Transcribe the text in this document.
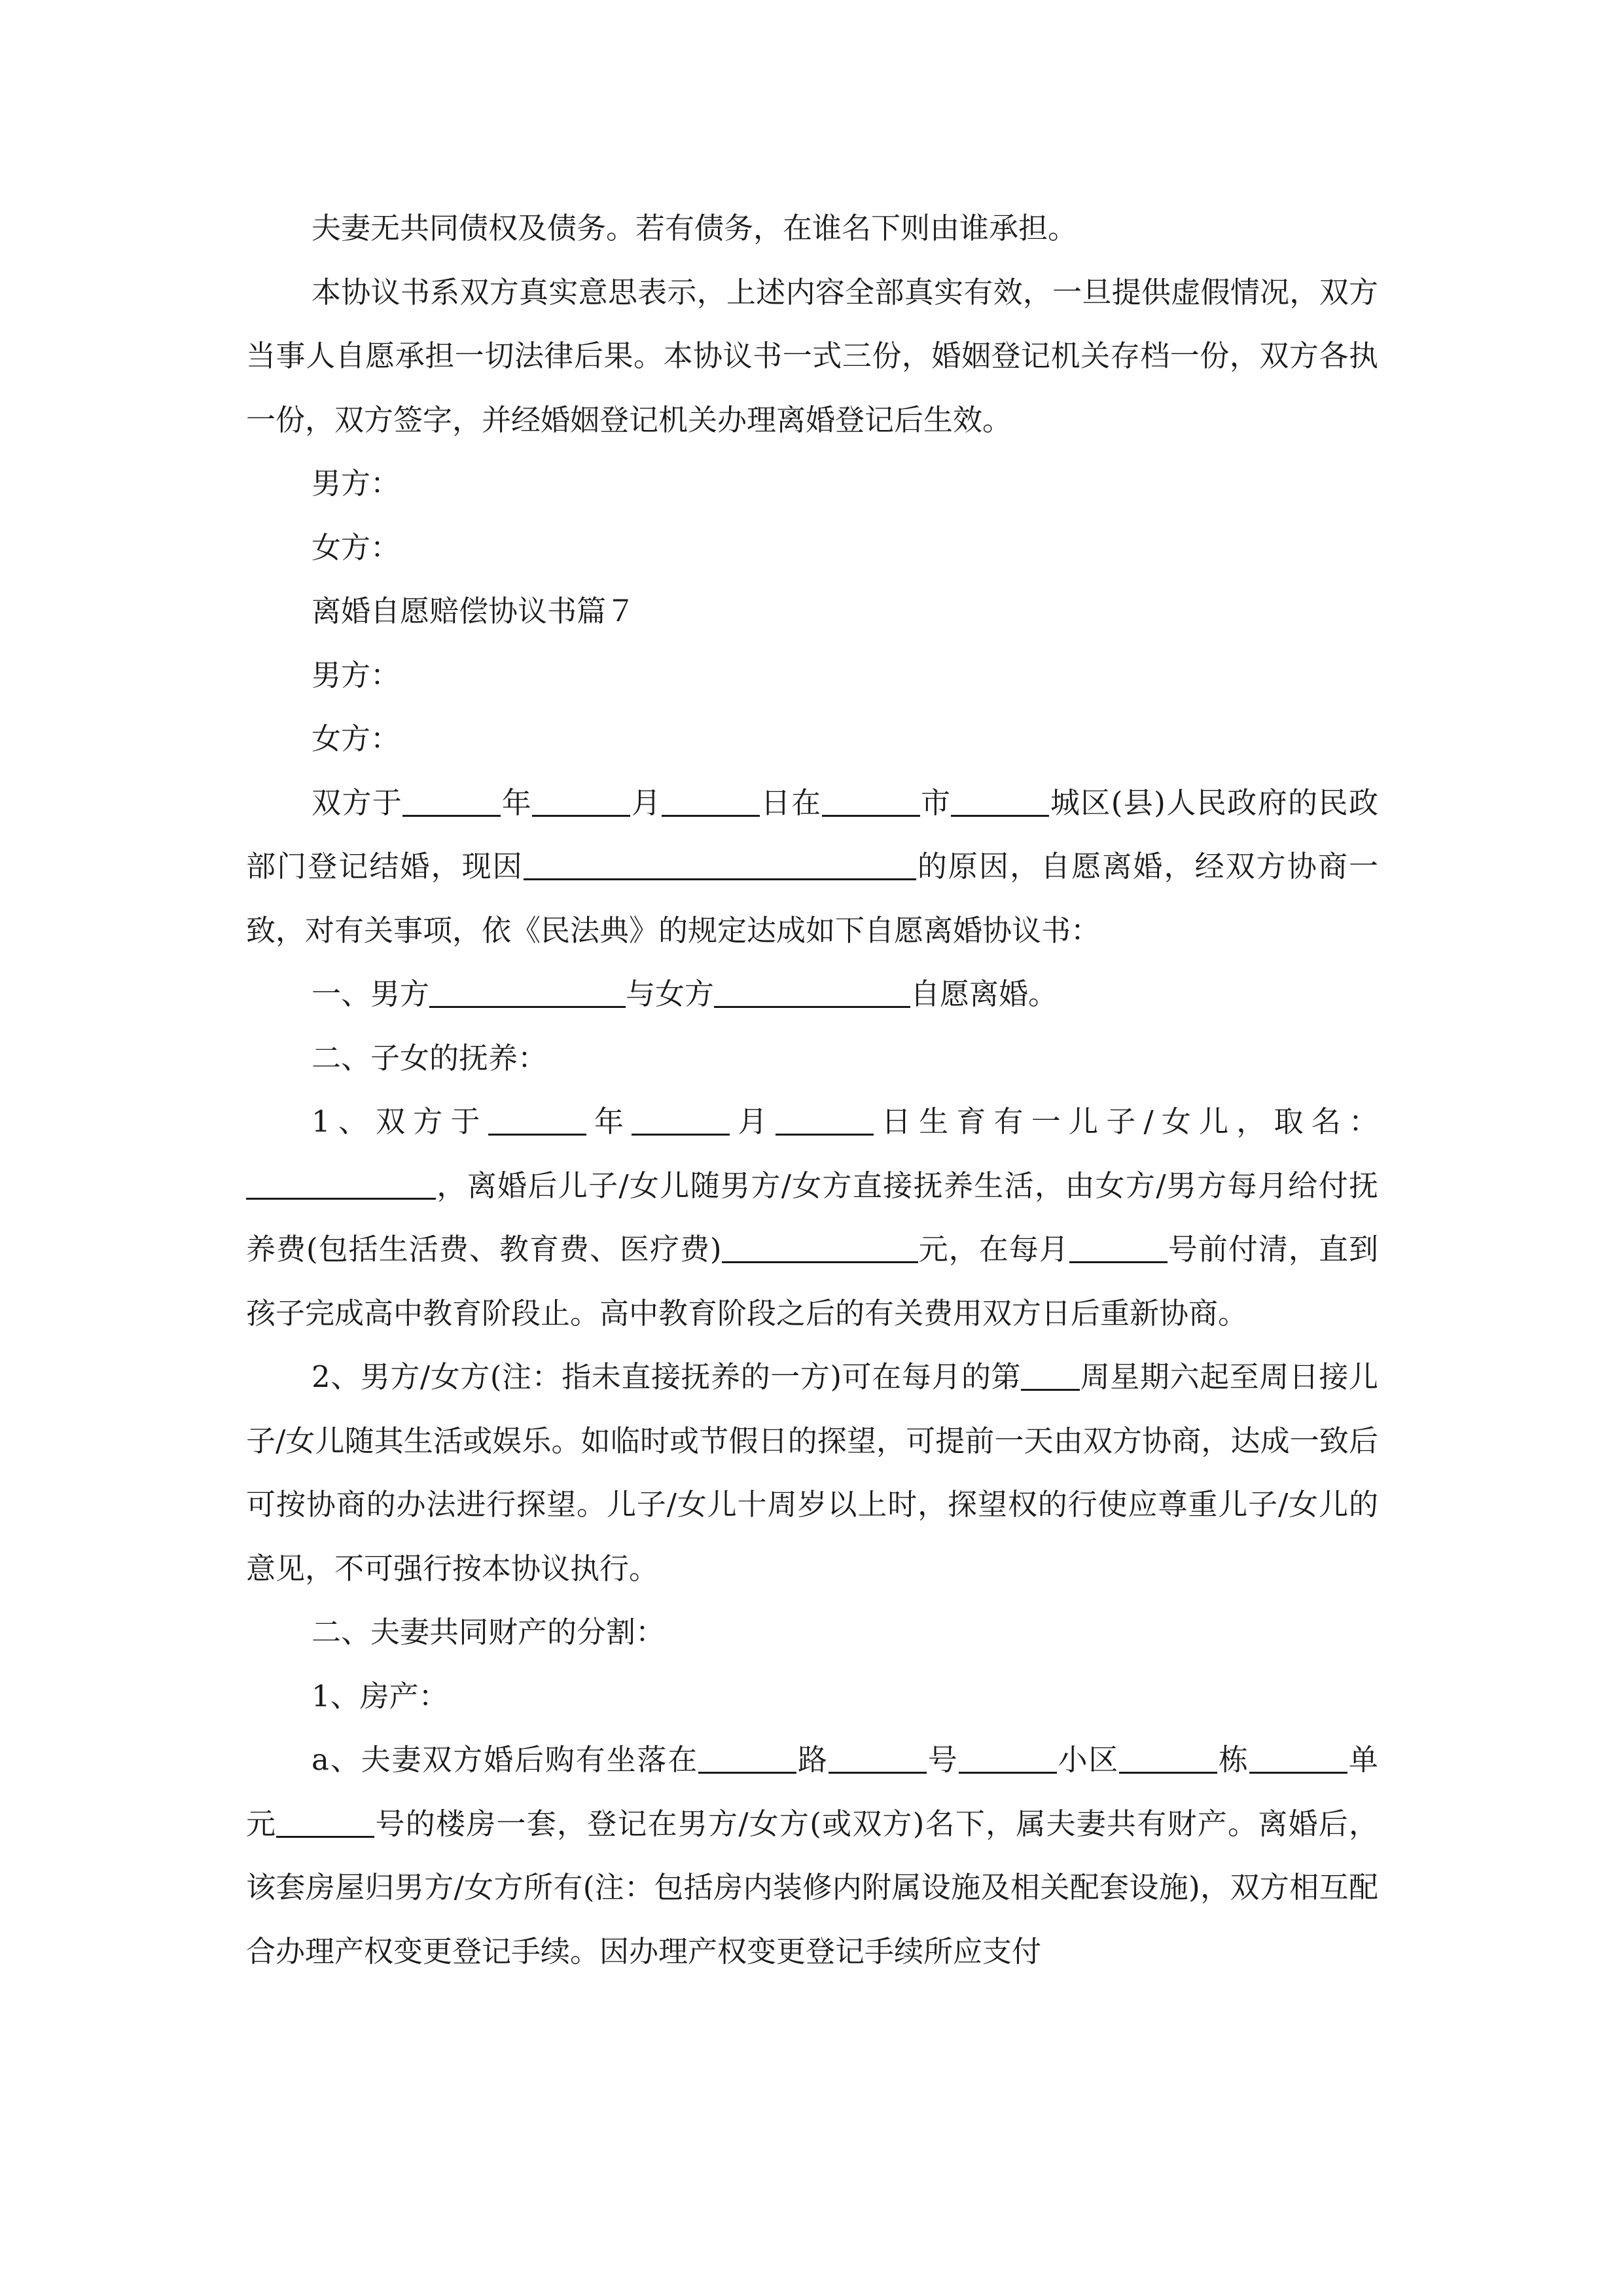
夫妻无共同债权及债务。若有债务，在谁名下则由谁承担。

本协议书系双方真实意思表示，上述内容全部真实有效，一旦提供虚假情况，双方当事人自愿承担一切法律后果。本协议书一式三份，婚姻登记机关存档一份，双方各执一份，双方签字，并经婚姻登记机关办理离婚登记后生效。

男方：

女方：

离婚自愿赔偿协议书篇７

男方：

女方：

双方于	年	月	日在	市	城区(县)人民政府的民政部门登记结婚，现因	的原因，自愿离婚，经双方协商一致，对有关事项，依《民法典》的规定达成如下自愿离婚协议书：

一、男方	与女方	自愿离婚。

二、子女的抚养：

1、双方于	年	月	日生育有一儿子/女儿，取名：，离婚后儿子/女儿随男方/女方直接抚养生活，由女方/男方每月给付抚养费(包括生活费、教育费、医疗费)	元，在每月	号前付清，直到孩子完成高中教育阶段止。高中教育阶段之后的有关费用双方日后重新协商。

2、男方/女方(注：指未直接抚养的一方)可在每月的第 周星期六起至周日接儿子/女儿随其生活或娱乐。如临时或节假日的探望，可提前一天由双方协商，达成一致后可按协商的办法进行探望。儿子/女儿十周岁以上时，探望权的行使应尊重儿子/女儿的意见，不可强行按本协议执行。

二、夫妻共同财产的分割：

1、房产：

a、夫妻双方婚后购有坐落在	路	号	小区	栋	单元	号的楼房一套，登记在男方/女方(或双方)名下，属夫妻共有财产。离婚后，该套房屋归男方/女方所有(注：包括房内装修内附属设施及相关配套设施)，双方相互配合办理产权变更登记手续。因办理产权变更登记手续所应支付
